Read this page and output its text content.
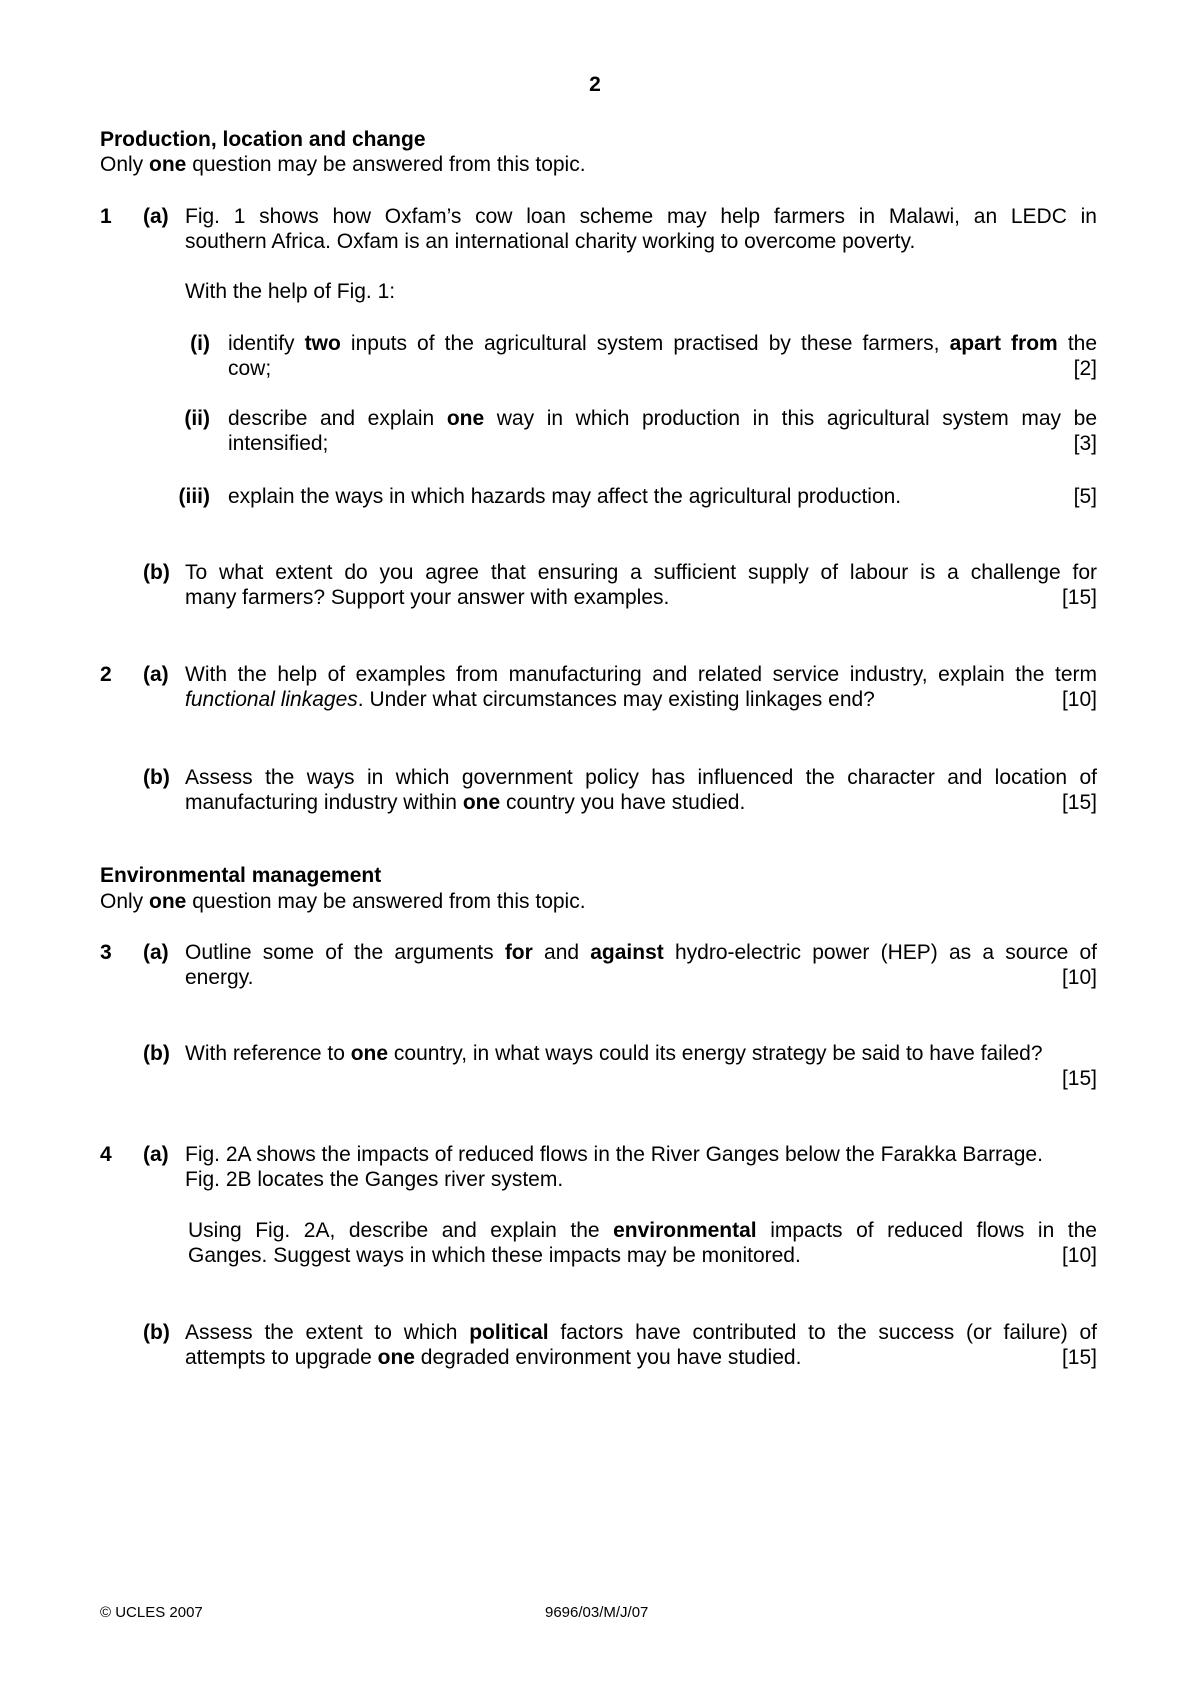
2
Production, location and change
Only one question may be answered from this topic.
1 (a) Fig. 1 shows how Oxfam’s cow loan scheme may help farmers in Malawi, an LEDC in
southern Africa. Oxfam is an international charity working to overcome poverty.
With the help of Fig. 1:
(i) identify two inputs of the agricultural system practised by these farmers, apart from the
cow;	[2]
(ii) describe and explain one way in which production in this agricultural system may be
intensified;	[3]
(iii) explain the ways in which hazards may affect the agricultural production.	[5]
(b) To what extent do you agree that ensuring a sufficient supply of labour is a challenge for
many farmers? Support your answer with examples.	[15]
2 (a) With the help of examples from manufacturing and related service industry, explain the term
functional linkages. Under what circumstances may existing linkages end?	[10]
(b) Assess the ways in which government policy has influenced the character and location of
manufacturing industry within one country you have studied.	[15]
Environmental management
Only one question may be answered from this topic.
3 (a) Outline some of the arguments for and against hydro-electric power (HEP) as a source of
energy.	[10]
(b) With reference to one country, in what ways could its energy strategy be said to have failed?
[15]
4 (a) Fig. 2A shows the impacts of reduced flows in the River Ganges below the Farakka Barrage.
Fig. 2B locates the Ganges river system.
Using Fig. 2A, describe and explain the environmental impacts of reduced flows in the
Ganges. Suggest ways in which these impacts may be monitored.	[10]
(b) Assess the extent to which political factors have contributed to the success (or failure) of
attempts to upgrade one degraded environment you have studied.	[15]
© UCLES 2007	9696/03/M/J/07
